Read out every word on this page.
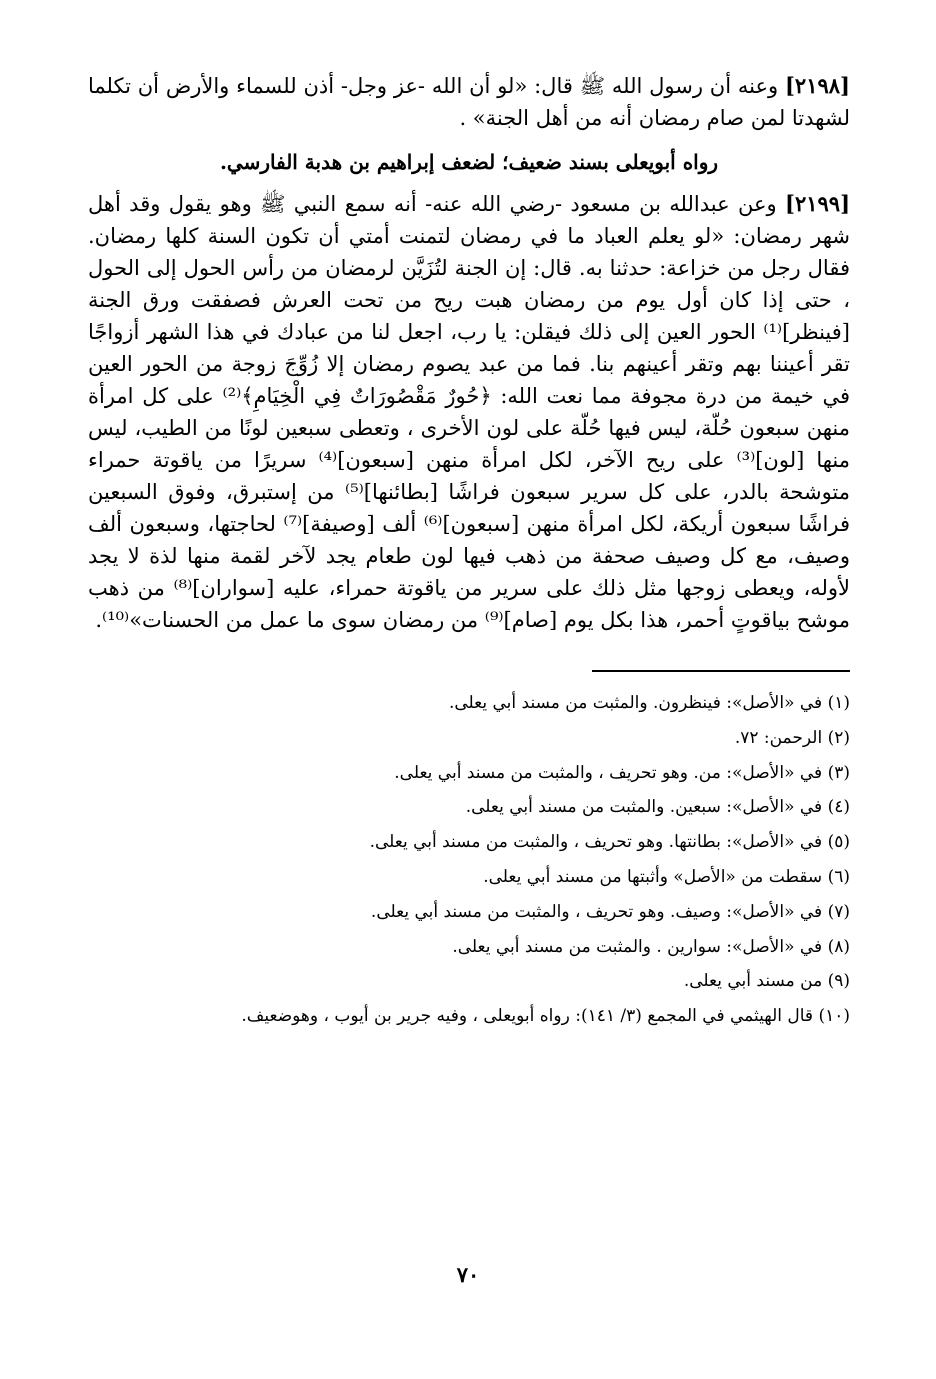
[٢١٩٨] وعنه أن رسول الله ﷺ قال: «لو أن الله -عز وجل- أذن للسماء والأرض أن تكلما لشهدتا لمن صام رمضان أنه من أهل الجنة» .

رواه أبويعلى بسند ضعيف؛ لضعف إبراهيم بن هدبة الفارسي.

[٢١٩٩] وعن عبدالله بن مسعود -رضي الله عنه- أنه سمع النبي ﷺ وهو يقول وقد أهل شهر رمضان: «لو يعلم العباد ما في رمضان لتمنت أمتي أن تكون السنة كلها رمضان. فقال رجل من خزاعة: حدثنا به. قال: إن الجنة لتُزَيَّن لرمضان من رأس الحول إلى الحول ، حتى إذا كان أول يوم من رمضان هبت ريح من تحت العرش فصفقت ورق الجنة [فينظر]⁽¹⁾ الحور العين إلى ذلك فيقلن: يا رب، اجعل لنا من عبادك في هذا الشهر أزواجًا تقر أعيننا بهم وتقر أعينهم بنا. فما من عبد يصوم رمضان إلا زُوِّجَ زوجة من الحور العين في خيمة من درة مجوفة مما نعت الله: ﴿حُورٌ مَقْصُورَاتٌ فِي الْخِيَامِ﴾⁽²⁾ على كل امرأة منهن سبعون حُلّة، ليس فيها حُلّة على لون الأخرى ، وتعطى سبعين لونًا من الطيب، ليس منها [لون]⁽³⁾ على ريح الآخر، لكل امرأة منهن [سبعون]⁽⁴⁾ سريرًا من ياقوتة حمراء متوشحة بالدر، على كل سرير سبعون فراشًا [بطائنها]⁽⁵⁾ من إستبرق، وفوق السبعين فراشًا سبعون أريكة، لكل امرأة منهن [سبعون]⁽⁶⁾ ألف [وصيفة]⁽⁷⁾ لحاجتها، وسبعون ألف وصيف، مع كل وصيف صحفة من ذهب فيها لون طعام يجد لآخر لقمة منها لذة لا يجد لأوله، ويعطى زوجها مثل ذلك على سرير من ياقوتة حمراء، عليه [سواران]⁽⁸⁾ من ذهب موشح بياقوتٍ أحمر، هذا بكل يوم [صام]⁽⁹⁾ من رمضان سوى ما عمل من الحسنات»⁽¹⁰⁾.

(١) في «الأصل»: فينظرون. والمثبت من مسند أبي يعلى.
(٢) الرحمن: ٧٢.
(٣) في «الأصل»: من. وهو تحريف ، والمثبت من مسند أبي يعلى.
(٤) في «الأصل»: سبعين. والمثبت من مسند أبي يعلى.
(٥) في «الأصل»: بطانتها. وهو تحريف ، والمثبت من مسند أبي يعلى.
(٦) سقطت من «الأصل» وأثبتها من مسند أبي يعلى.
(٧) في «الأصل»: وصيف. وهو تحريف ، والمثبت من مسند أبي يعلى.
(٨) في «الأصل»: سوارين . والمثبت من مسند أبي يعلى.
(٩) من مسند أبي يعلى.
(١٠) قال الهيثمي في المجمع (٣/ ١٤١): رواه أبويعلى ، وفيه جرير بن أيوب ، وهوضعيف.
٧٠
